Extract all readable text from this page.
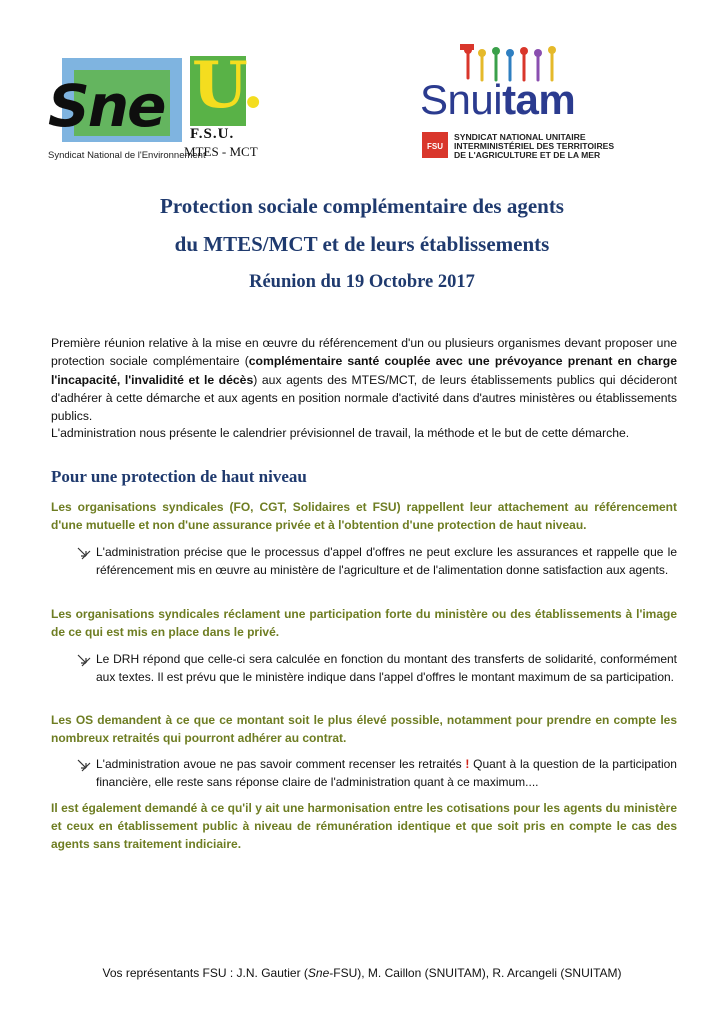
Sne U.
F.S.U.
MTES - MCT
Syndicat National de l'Environnement
Snuitam
FSU
SYNDICAT NATIONAL UNITAIRE
INTERMINISTÉRIEL DES TERRITOIRES
DE L'AGRICULTURE ET DE LA MER
Protection sociale complémentaire des agents
du MTES/MCT et de leurs établissements
Réunion du 19 Octobre 2017
Première réunion relative à la mise en œuvre du référencement d'un ou plusieurs organismes devant proposer une protection sociale complémentaire (complémentaire santé couplée avec une prévoyance prenant en charge l'incapacité, l'invalidité et le décès) aux agents des MTES/MCT, de leurs établissements publics qui décideront d'adhérer à cette démarche et aux agents en position normale d'activité dans d'autres ministères ou établissements publics.
L'administration nous présente le calendrier prévisionnel de travail, la méthode et le but de cette démarche.
Pour une protection de haut niveau
Les organisations syndicales (FO, CGT, Solidaires et FSU) rappellent leur attachement au référencement d'une mutuelle et non d'une assurance privée et à l'obtention d'une protection de haut niveau.
L'administration précise que le processus d'appel d'offres ne peut exclure les assurances et rappelle que le référencement mis en œuvre au ministère de l'agriculture et de l'alimentation donne satisfaction aux agents.
Les organisations syndicales réclament une participation forte du ministère ou des établissements à l'image de ce qui est mis en place dans le privé.
Le DRH répond que celle-ci sera calculée en fonction du montant des transferts de solidarité, conformément aux textes. Il est prévu que le ministère indique dans l'appel d'offres le montant maximum de sa participation.
Les OS demandent à ce que ce montant soit le plus élevé possible, notamment pour prendre en compte les nombreux retraités qui pourront adhérer au contrat.
L'administration avoue ne pas savoir comment recenser les retraités ! Quant à la question de la participation financière, elle reste sans réponse claire de l'administration quant à ce maximum....
Il est également demandé à ce qu'il y ait une harmonisation entre les cotisations pour les agents du ministère et ceux en établissement public à niveau de rémunération identique et que soit pris en compte le cas des agents sans traitement indiciaire.
Vos représentants FSU : J.N. Gautier (Sne-FSU), M. Caillon (SNUITAM), R. Arcangeli (SNUITAM)
